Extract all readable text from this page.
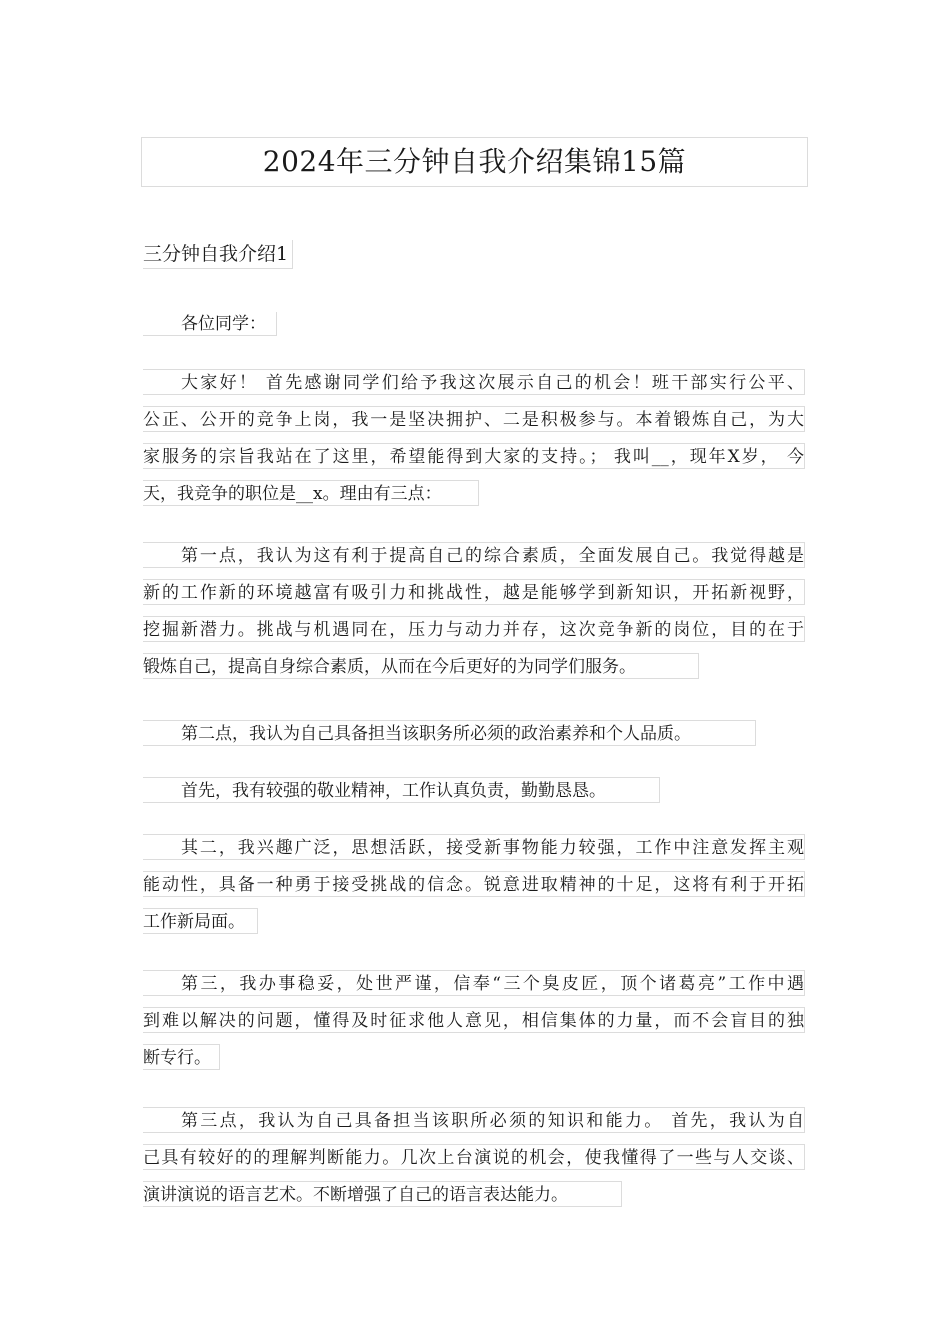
2024年三分钟自我介绍集锦15篇
三分钟自我介绍1
各位同学：
大家好！ 首先感谢同学们给予我这次展示自己的机会！班干部实行公平、
公正、公开的竞争上岗，我一是坚决拥护、二是积极参与。本着锻炼自己，为大
家服务的宗旨我站在了这里，希望能得到大家的支持。； 我叫__，现年X岁， 今
天，我竞争的职位是__x。理由有三点：
第一点，我认为这有利于提高自己的综合素质，全面发展自己。我觉得越是
新的工作新的环境越富有吸引力和挑战性，越是能够学到新知识，开拓新视野，
挖掘新潜力。挑战与机遇同在，压力与动力并存，这次竞争新的岗位，目的在于
锻炼自己，提高自身综合素质，从而在今后更好的为同学们服务。
第二点，我认为自己具备担当该职务所必须的政治素养和个人品质。
首先，我有较强的敬业精神，工作认真负责，勤勤恳恳。
其二，我兴趣广泛，思想活跃，接受新事物能力较强，工作中注意发挥主观
能动性，具备一种勇于接受挑战的信念。锐意进取精神的十足，这将有利于开拓
工作新局面。
第三，我办事稳妥，处世严谨，信奉“三个臭皮匠，顶个诸葛亮”工作中遇
到难以解决的问题，懂得及时征求他人意见，相信集体的力量，而不会盲目的独
断专行。
第三点，我认为自己具备担当该职所必须的知识和能力。 首先，我认为自
己具有较好的的理解判断能力。几次上台演说的机会，使我懂得了一些与人交谈、
演讲演说的语言艺术。不断增强了自己的语言表达能力。
